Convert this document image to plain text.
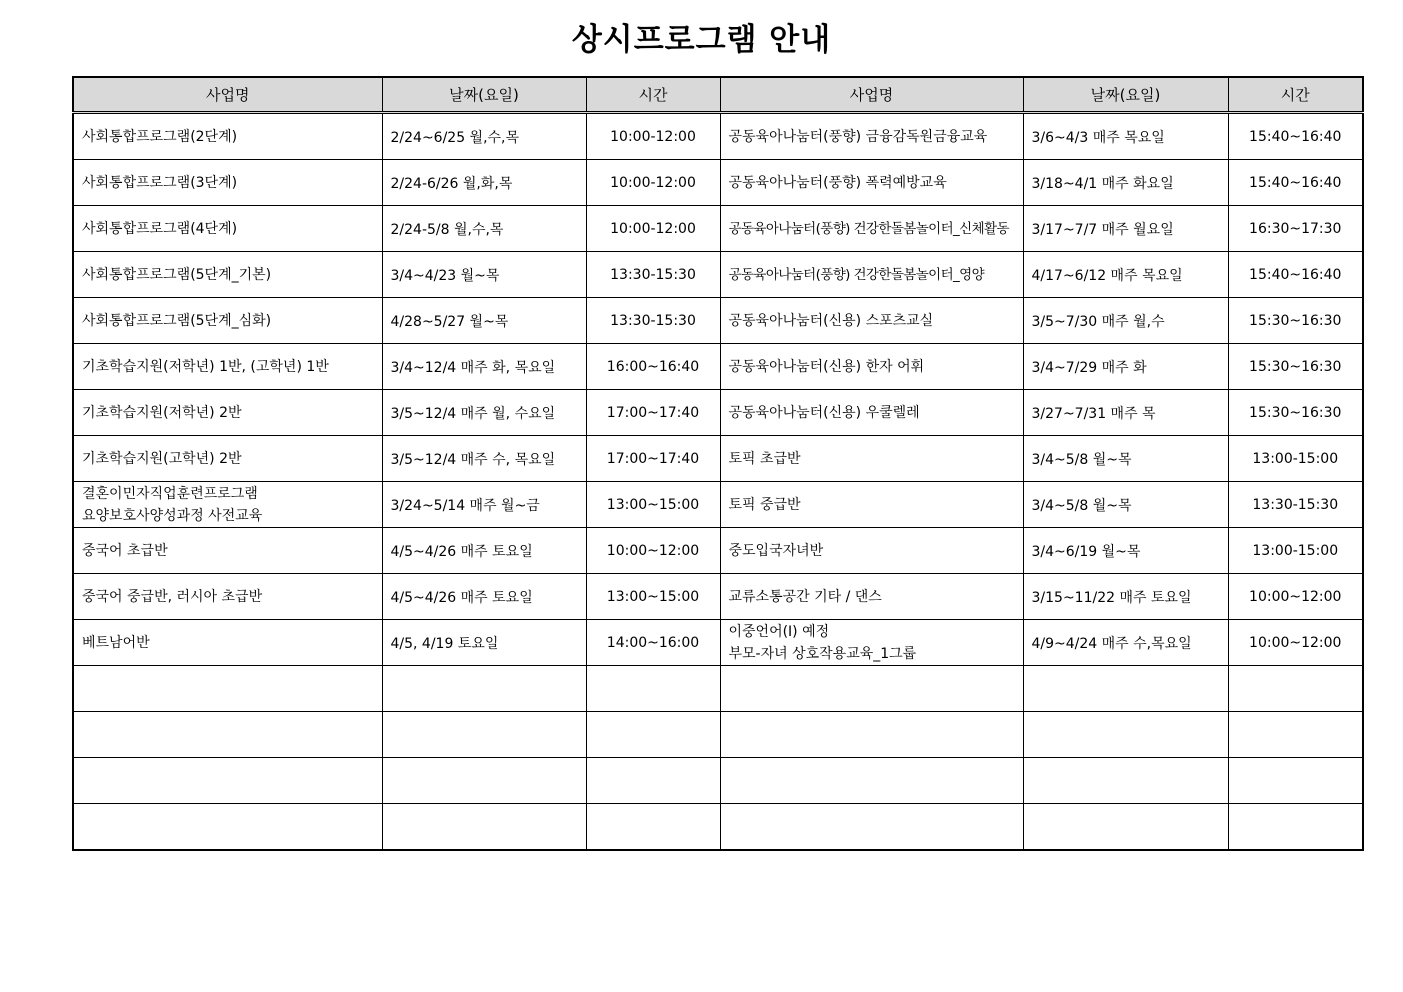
상시프로그램 안내
사업명	날짜(요일)	시간	사업명	날짜(요일)	시간

사회통합프로그램(2단계)	2/24~6/25 월,수,목	10:00-12:00	공동육아나눔터(풍향) 금융감독원금융교육	3/6~4/3 매주 목요일	15:40~16:40

사회통합프로그램(3단계)	2/24-6/26 월,화,목	10:00-12:00	공동육아나눔터(풍향) 폭력예방교육	3/18~4/1 매주 화요일	15:40~16:40

사회통합프로그램(4단계)	2/24-5/8 월,수,목	10:00-12:00	공동육아나눔터(풍향) 건강한돌봄놀이터_신체활동	3/17~7/7 매주 월요일	16:30~17:30

사회통합프로그램(5단계_기본)	3/4~4/23 월~목	13:30-15:30	공동육아나눔터(풍향) 건강한돌봄놀이터_영양	4/17~6/12 매주 목요일	15:40~16:40

사회통합프로그램(5단계_심화)	4/28~5/27 월~목	13:30-15:30	공동육아나눔터(신용) 스포츠교실	3/5~7/30 매주 월,수	15:30~16:30

기초학습지원(저학년) 1반, (고학년) 1반	3/4~12/4 매주 화, 목요일	16:00~16:40	공동육아나눔터(신용) 한자 어휘	3/4~7/29 매주 화	15:30~16:30

기초학습지원(저학년) 2반	3/5~12/4 매주 월, 수요일	17:00~17:40	공동육아나눔터(신용) 우쿨렐레	3/27~7/31 매주 목	15:30~16:30

기초학습지원(고학년) 2반	3/5~12/4 매주 수, 목요일	17:00~17:40	토픽 초급반	3/4~5/8 월~목	13:00-15:00

결혼이민자직업훈련프로그램
요양보호사양성과정 사전교육	3/24~5/14 매주 월~금	13:00~15:00	토픽 중급반	3/4~5/8 월~목	13:30-15:30

중국어 초급반	4/5~4/26 매주 토요일	10:00~12:00	중도입국자녀반	3/4~6/19 월~목	13:00-15:00

중국어 중급반, 러시아 초급반	4/5~4/26 매주 토요일	13:00~15:00	교류소통공간 기타 / 댄스	3/15~11/22 매주 토요일	10:00~12:00

베트남어반	4/5, 4/19 토요일	14:00~16:00	이중언어(I) 예정
부모-자녀 상호작용교육_1그룹	4/9~4/24 매주 수,목요일	10:00~12:00
